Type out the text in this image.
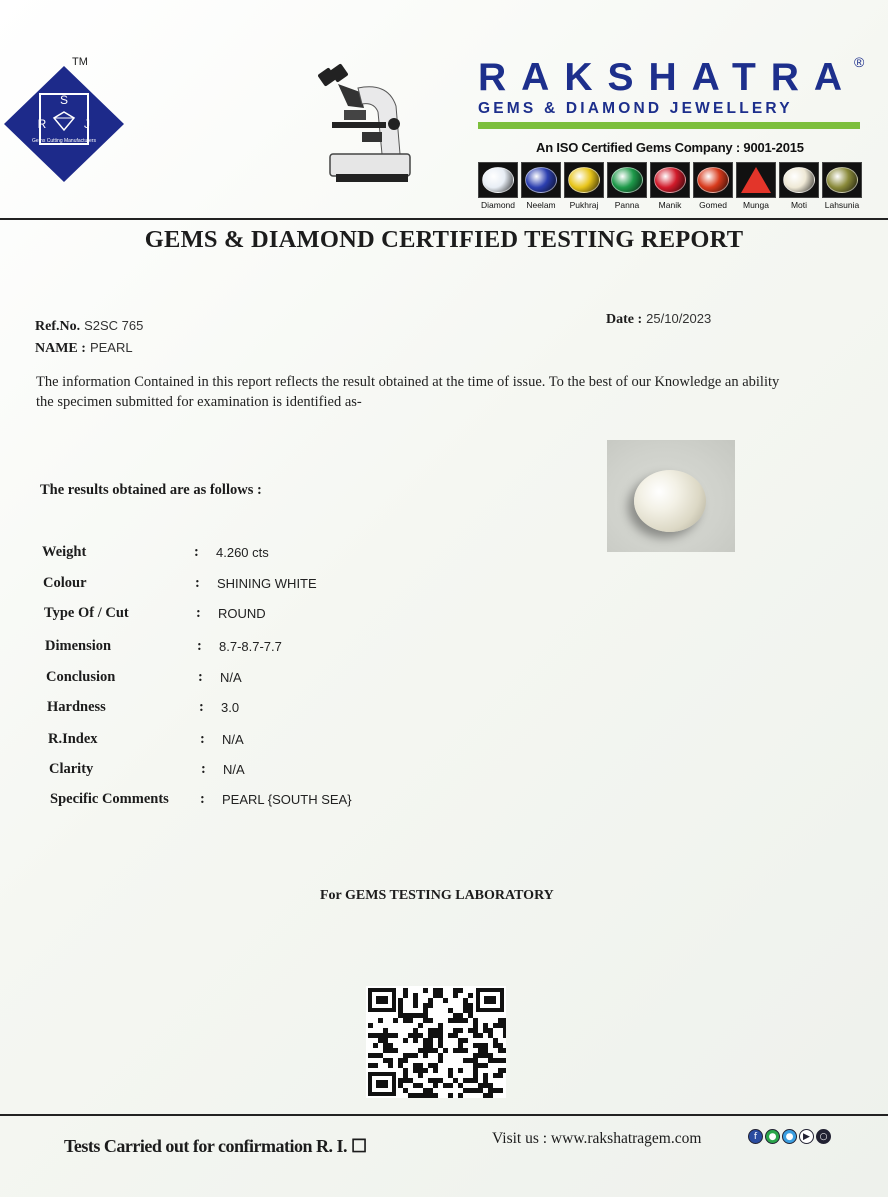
TM
S
R	J
Gems Cutting Manufacturers
RAKSHATRA
®
GEMS & DIAMOND JEWELLERY
An ISO Certified Gems Company : 9001-2015
Diamond Neelam Pukhraj Panna Manik Gomed Munga	Moti Lahsunia
GEMS & DIAMOND CERTIFIED TESTING REPORT
Ref.No. S2SC 765
NAME : PEARL
Date : 25/10/2023
The information Contained in this report reflects the result obtained at the time of issue. To the best of our Knowledge an ability the specimen submitted for examination is identified as-
The results obtained are as follows :
Weight	: 4.260 cts
Colour	: SHINING WHITE
Type Of / Cut	: ROUND
Dimension	: 8.7-8.7-7.7
Conclusion	: N/A
Hardness	: 3.0
R.Index	: N/A
Clarity	: N/A
Specific Comments : PEARL {SOUTH SEA}
For GEMS TESTING LABORATORY
Tests Carried out for confirmation R. I. ☐	Visit us : www.rakshatragem.com	f	●	●	▶	○
